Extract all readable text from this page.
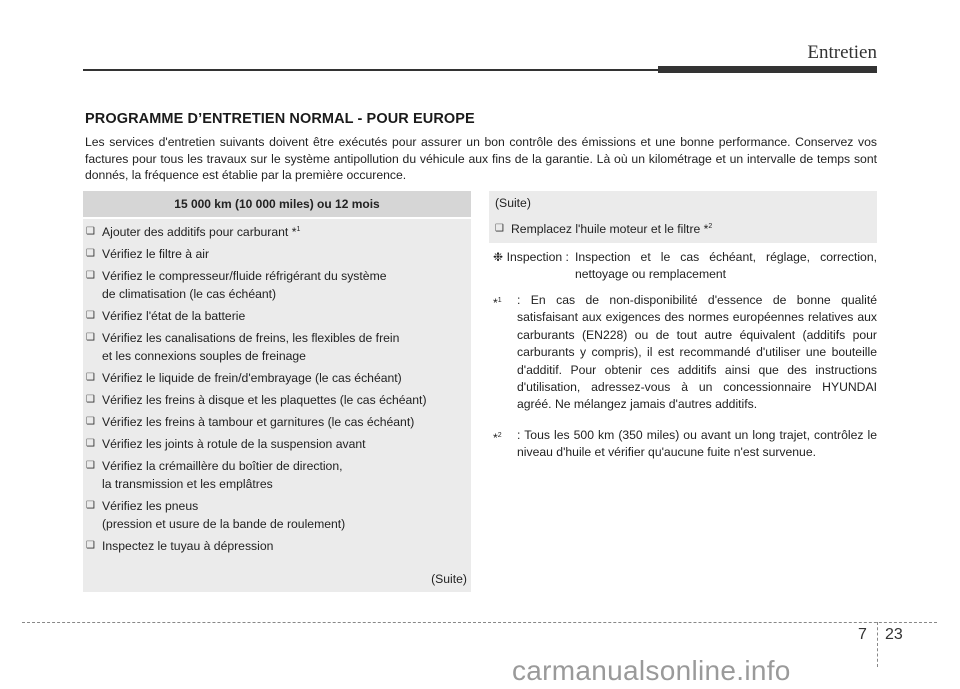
Entretien
PROGRAMME D’ENTRETIEN NORMAL - POUR EUROPE
Les services d'entretien suivants doivent être exécutés pour assurer un bon contrôle des émissions et une bonne performance. Conservez vos factures pour tous les travaux sur le système antipollution du véhicule aux fins de la garantie. Là où un kilométrage et un intervalle de temps sont donnés, la fréquence est établie par la première occurence.
15 000 km (10 000 miles) ou 12 mois
❑ Ajouter des additifs pour carburant *$^1$
❑ Vérifiez le filtre à air
❑ Vérifiez le compresseur/fluide réfrigérant du système
de climatisation (le cas échéant)
❑ Vérifiez l'état de la batterie
❑ Vérifiez les canalisations de freins, les flexibles de frein
et les connexions souples de freinage
❑ Vérifiez le liquide de frein/d'embrayage (le cas échéant)
❑ Vérifiez les freins à disque et les plaquettes (le cas échéant)
❑ Vérifiez les freins à tambour et garnitures (le cas échéant)
❑ Vérifiez les joints à rotule de la suspension avant
❑ Vérifiez la crémaillère du boîtier de direction,
la transmission et les emplâtres
❑ Vérifiez les pneus
(pression et usure de la bande de roulement)
❑ Inspectez le tuyau à dépression
(Suite)
(Suite)
❑ Remplacez l'huile moteur et le filtre *$^2$
❉ Inspection : Inspection et le cas échéant, réglage, correction, nettoyage ou remplacement
*$^1$	: En cas de non-disponibilité d'essence de bonne qualité satisfaisant aux exigences des normes européennes relatives aux carburants (EN228) ou de tout autre équivalent (additifs pour carburants y compris), il est recommandé d'utiliser une bouteille d'additif. Pour obtenir ces additifs ainsi que des instructions d'utilisation, adressez-vous à un concessionnaire HYUNDAI agréé. Ne mélangez jamais d'autres additifs.
*$^2$	: Tous les 500 km (350 miles) ou avant un long trajet, contrôlez le niveau d'huile et vérifier qu'aucune fuite n'est survenue.
7 23
carmanualsonline.info
